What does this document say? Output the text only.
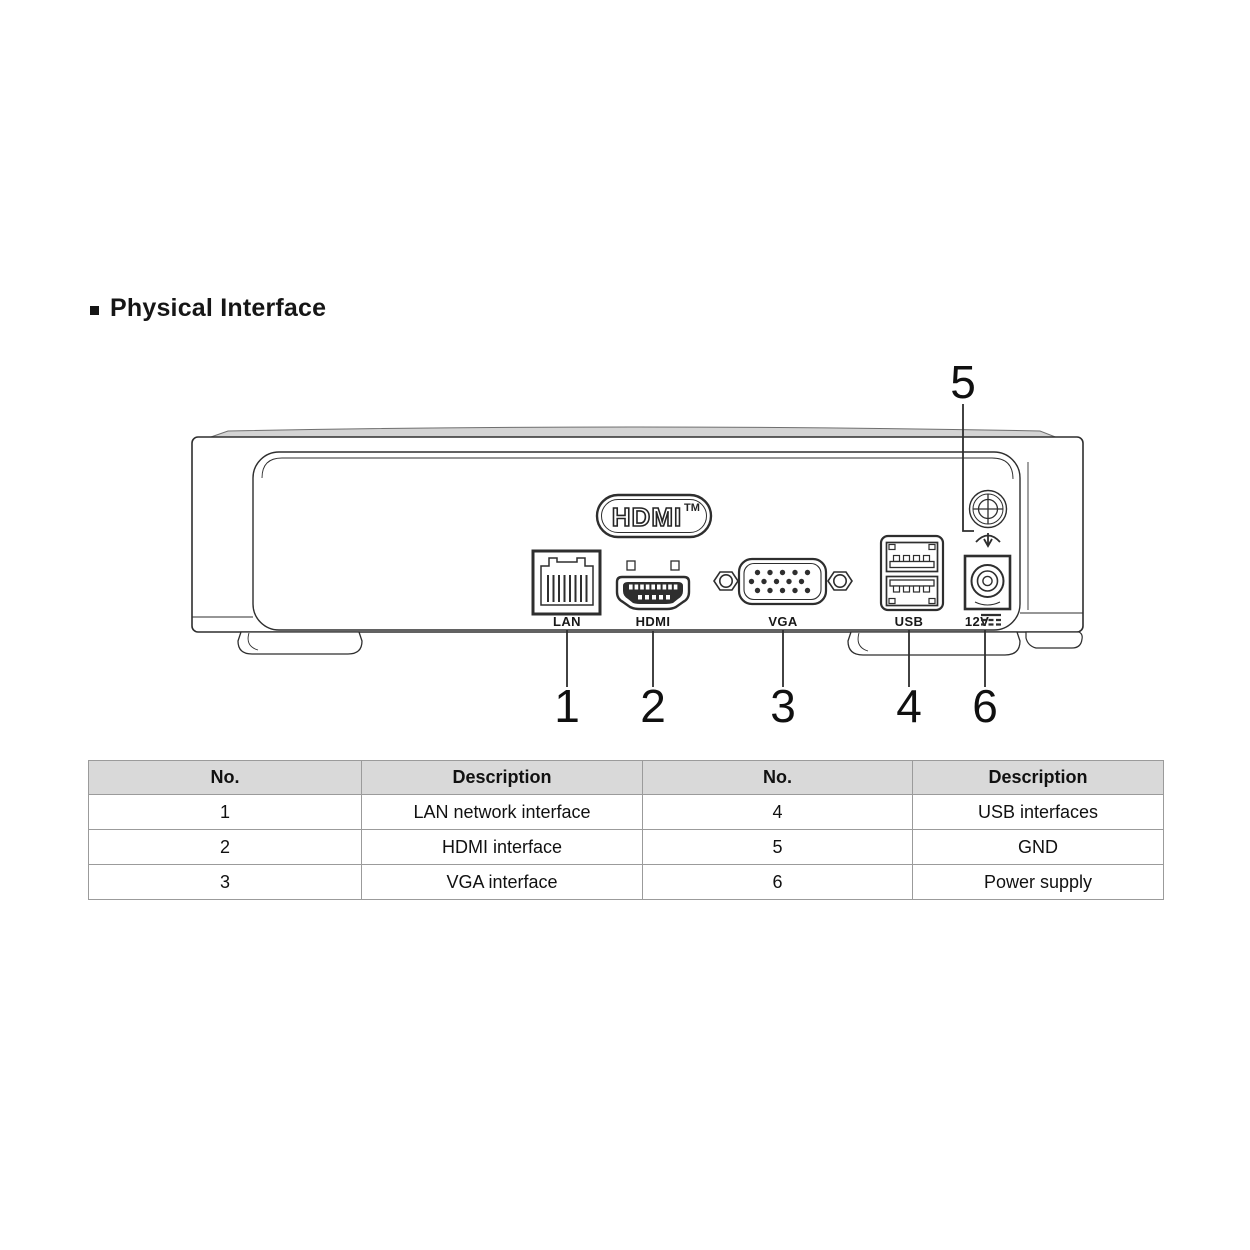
Physical Interface
HDMI TM
LAN	HDMI	VGA	USB	12V
1 2 3 4
5
6
No.	Description	No.	Description
1	LAN network interface	4	USB interfaces
2	HDMI interface	5	GND
3	VGA interface	6	Power supply
